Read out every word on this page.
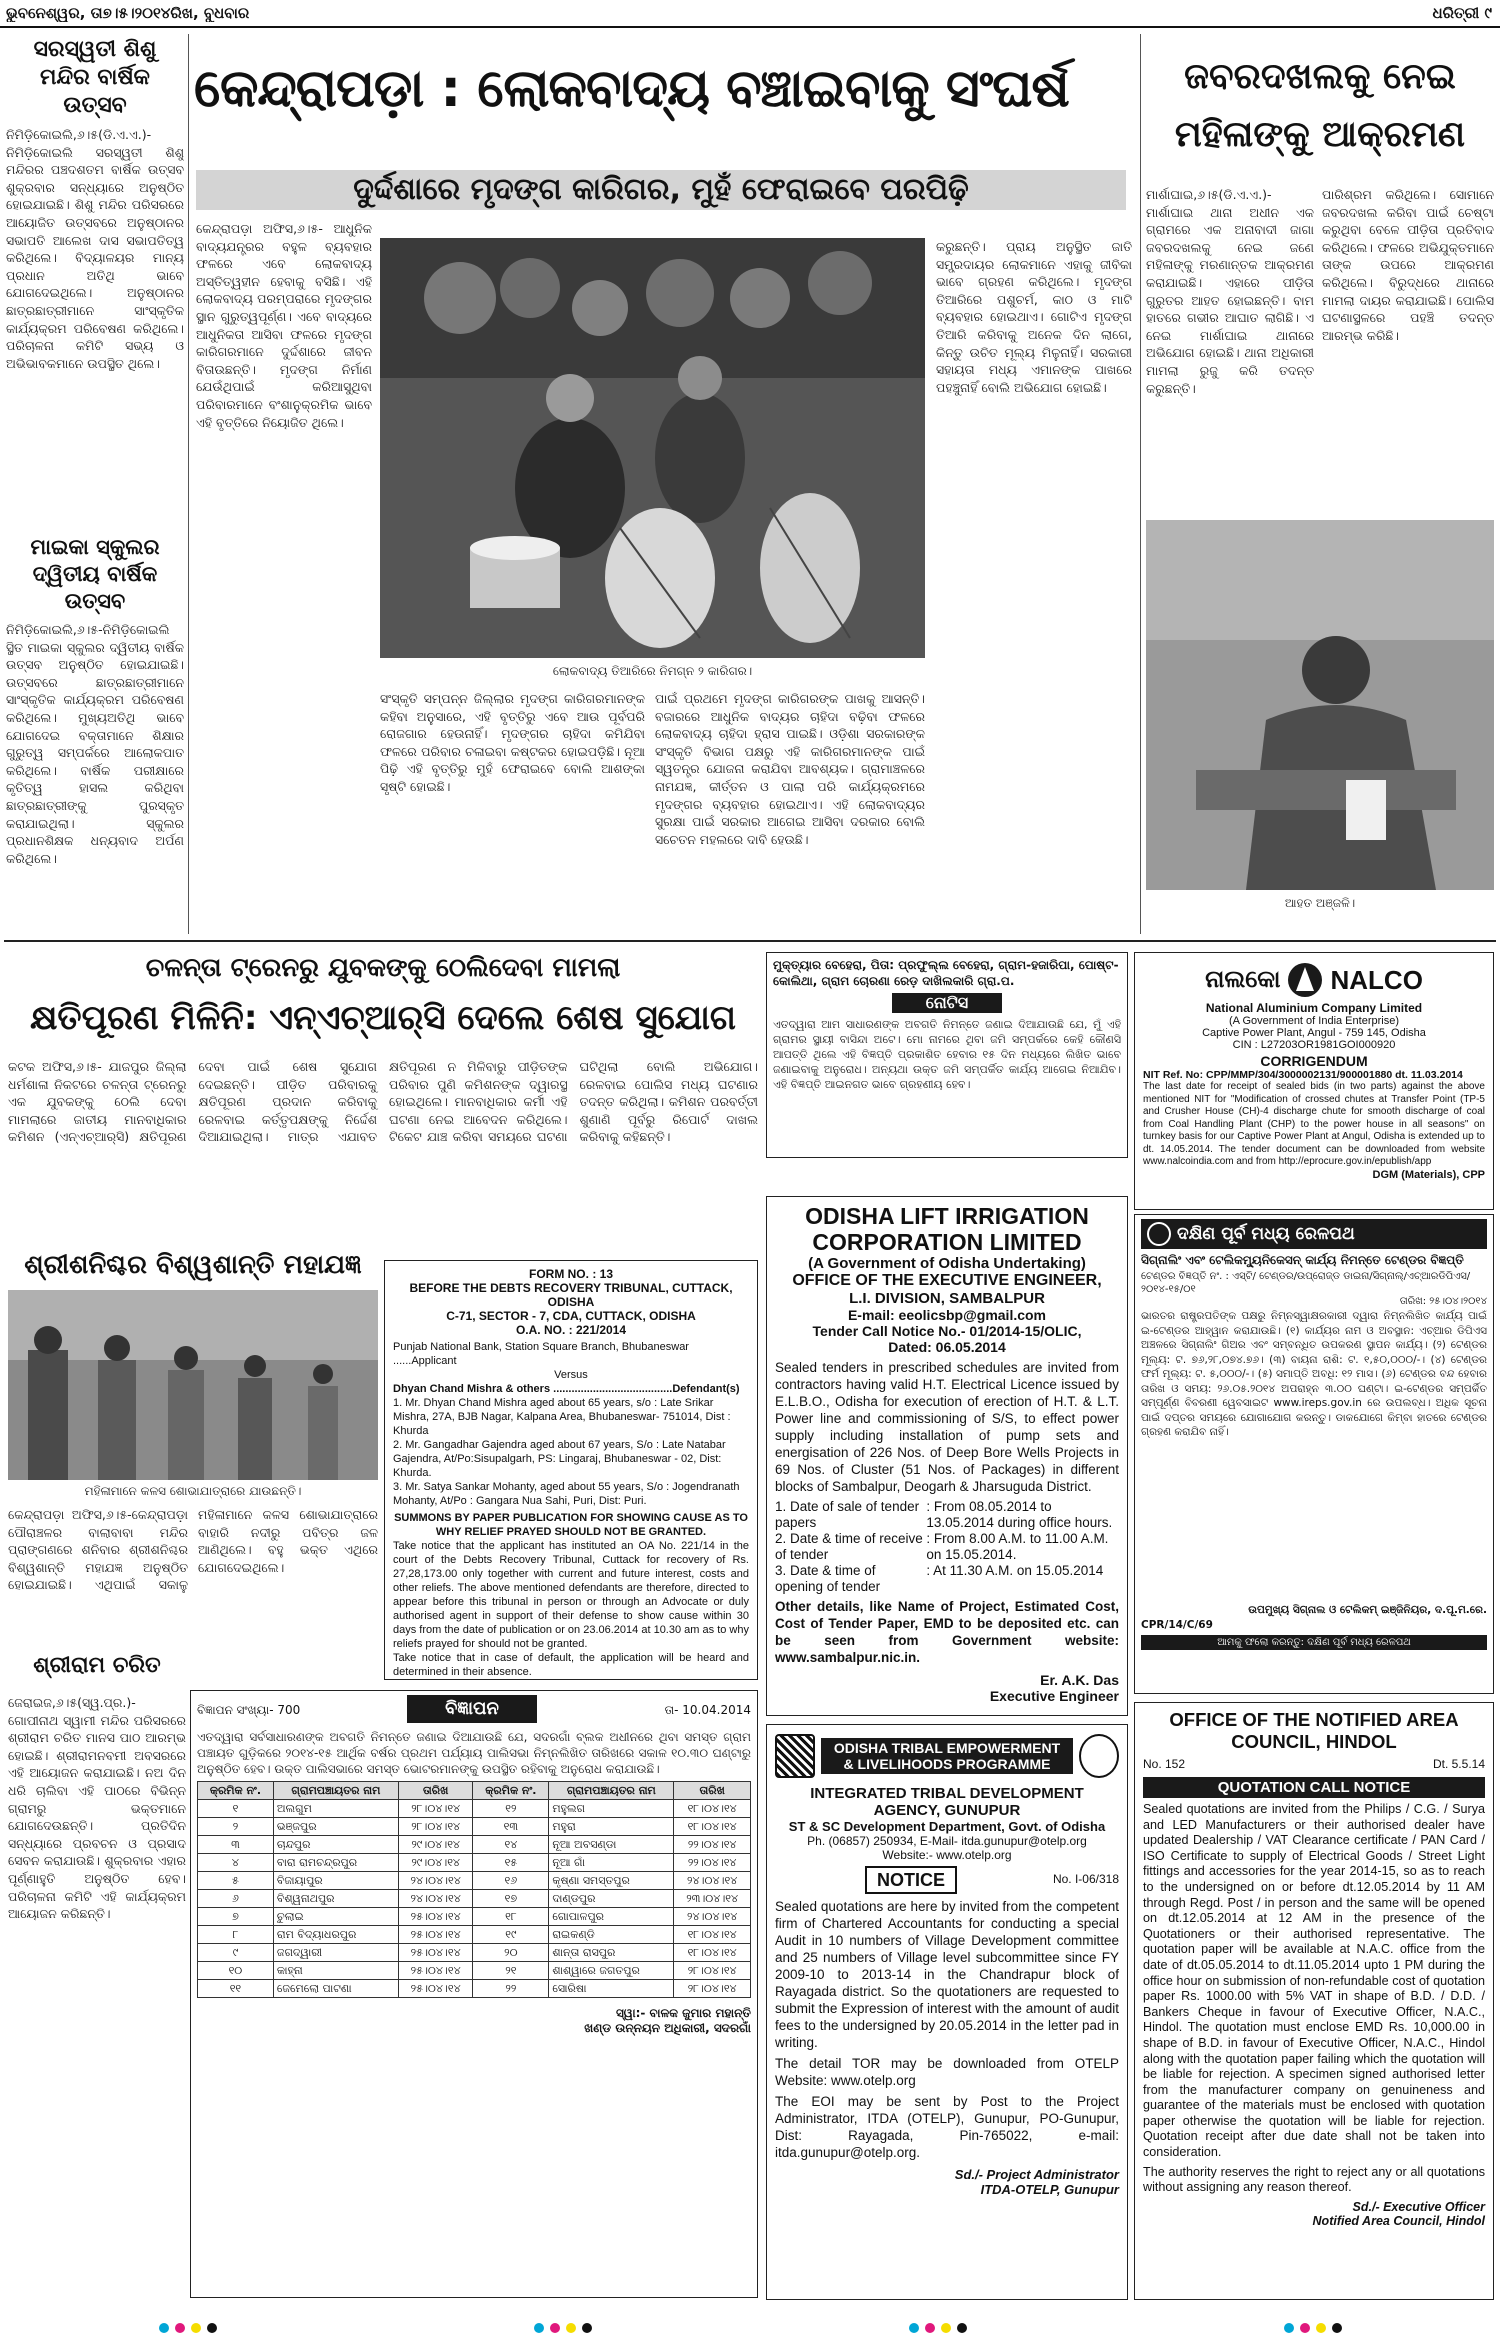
ଭୁବନେଶ୍ୱର, ତା୭।୫।୨୦୧୪ରିଖ, ବୁଧବାର	ଧରିତ୍ରୀ ୯
ସରସ୍ୱତୀ ଶିଶୁ ମନ୍ଦିର ବାର୍ଷିକ ଉତ୍ସବ
ନିମିଡ଼ିକୋଇଲି,୬।୫(ଡି.ଏ.ଏ.)- ନିମିଡ଼ିକୋଇଲି ସରସ୍ୱତୀ ଶିଶୁ ମନ୍ଦିରର ପଞ୍ଚଦଶତମ ବାର୍ଷିକ ଉତ୍ସବ ଶୁକ୍ରବାର ସନ୍ଧ୍ୟାରେ ଅନୁଷ୍ଠିତ ହୋଇଯାଇଛି। ଶିଶୁ ମନ୍ଦିର ପରିସରରେ ଆୟୋଜିତ ଉତ୍ସବରେ ଅନୁଷ୍ଠାନର ସଭାପତି ଆଲେଖ ଦାସ ସଭାପତିତ୍ୱ କରିଥିଲେ। ବିଦ୍ୟାଳୟର ମାନ୍ୟ ପ୍ରଧାନ ଅତିଥି ଭାବେ ଯୋଗଦେଇଥିଲେ। ଅନୁଷ୍ଠାନର ଛାତ୍ରଛାତ୍ରୀମାନେ ସାଂସ୍କୃତିକ କାର୍ଯ୍ୟକ୍ରମ ପରିବେଷଣ କରିଥିଲେ। ପରିଚାଳନା କମିଟି ସଭ୍ୟ ଓ ଅଭିଭାବକମାନେ ଉପସ୍ଥିତ ଥିଲେ।
ମାଇକା ସ୍କୁଲର ଦ୍ୱିତୀୟ ବାର୍ଷିକ ଉତ୍ସବ
ନିମିଡ଼ିକୋଇଲି,୬।୫-ନିମିଡ଼ିକୋଇଲି ସ୍ଥିତ ମାଇକା ସ୍କୁଲର ଦ୍ୱିତୀୟ ବାର୍ଷିକ ଉତ୍ସବ ଅନୁଷ୍ଠିତ ହୋଇଯାଇଛି। ଉତ୍ସବରେ ଛାତ୍ରଛାତ୍ରୀମାନେ ସାଂସ୍କୃତିକ କାର୍ଯ୍ୟକ୍ରମ ପରିବେଷଣ କରିଥିଲେ। ମୁଖ୍ୟଅତିଥି ଭାବେ ଯୋଗଦେଇ ବକ୍ତାମାନେ ଶିକ୍ଷାର ଗୁରୁତ୍ୱ ସମ୍ପର୍କରେ ଆଲୋକପାତ କରିଥିଲେ। ବାର୍ଷିକ ପରୀକ୍ଷାରେ କୃତିତ୍ୱ ହାସଲ କରିଥିବା ଛାତ୍ରଛାତ୍ରୀଙ୍କୁ ପୁରସ୍କୃତ କରାଯାଇଥିଲା। ସ୍କୁଲର ପ୍ରଧାନଶିକ୍ଷକ ଧନ୍ୟବାଦ ଅର୍ପଣ କରିଥିଲେ।
କେନ୍ଦ୍ରାପଡ଼ା : ଲୋକବାଦ୍ୟ ବଞ୍ଚାଇବାକୁ ସଂଘର୍ଷ
ଦୁର୍ଦ୍ଦଶାରେ ମୃଦଙ୍ଗ କାରିଗର, ମୁହଁ ଫେରାଇବେ ପରପିଢ଼ି
କେନ୍ଦ୍ରାପଡ଼ା ଅଫିସ,୬।୫- ଆଧୁନିକ ବାଦ୍ୟଯନ୍ତ୍ରର ବହୁଳ ବ୍ୟବହାର ଫଳରେ ଏବେ ଲୋକବାଦ୍ୟ ଅସ୍ତିତ୍ୱହୀନ ହେବାକୁ ବସିଛି। ଏହି ଲୋକବାଦ୍ୟ ପରମ୍ପରାରେ ମୃଦଙ୍ଗର ସ୍ଥାନ ଗୁରୁତ୍ୱପୂର୍ଣ୍ଣ। ଏବେ ବାଦ୍ୟରେ ଆଧୁନିକତା ଆସିବା ଫଳରେ ମୃଦଙ୍ଗ କାରିଗରମାନେ ଦୁର୍ଦ୍ଦଶାରେ ଜୀବନ ବିତାଉଛନ୍ତି। ମୃଦଙ୍ଗ ନିର୍ମାଣ ଯେଉଁଥିପାଇଁ କରିଆସୁଥିବା ପରିବାରମାନେ ବଂଶାନୁକ୍ରମିକ ଭାବେ ଏହି ବୃତ୍ତିରେ ନିୟୋଜିତ ଥିଲେ।
ଲୋକବାଦ୍ୟ ତିଆରିରେ ନିମଗ୍ନ ୨ କାରିଗର।
ସଂସ୍କୃତି ସମ୍ପନ୍ନ ଜିଲ୍ଲାର ମୃଦଙ୍ଗ କାରିଗରମାନଙ୍କ କହିବା ଅନୁସାରେ, ଏହି ବୃତ୍ତିରୁ ଏବେ ଆଉ ପୂର୍ବପରି ରୋଜଗାର ହେଉନାହିଁ। ମୃଦଙ୍ଗର ଚାହିଦା କମିଯିବା ଫଳରେ ପରିବାର ଚଳାଇବା କଷ୍ଟକର ହୋଇପଡ଼ିଛି। ନୂଆ ପିଢ଼ି ଏହି ବୃତ୍ତିରୁ ମୁହଁ ଫେରାଇବେ ବୋଲି ଆଶଙ୍କା ସୃଷ୍ଟି ହୋଇଛି।
ପାଇଁ ପ୍ରଥମେ ମୃଦଙ୍ଗ କାରିଗରଙ୍କ ପାଖକୁ ଆସନ୍ତି। ବଜାରରେ ଆଧୁନିକ ବାଦ୍ୟର ଚାହିଦା ବଢ଼ିବା ଫଳରେ ଲୋକବାଦ୍ୟ ଚାହିଦା ହ୍ରାସ ପାଇଛି। ଓଡ଼ିଶା ସରକାରଙ୍କ ସଂସ୍କୃତି ବିଭାଗ ପକ୍ଷରୁ ଏହି କାରିଗରମାନଙ୍କ ପାଇଁ ସ୍ୱତନ୍ତ୍ର ଯୋଜନା କରାଯିବା ଆବଶ୍ୟକ। ଗ୍ରାମାଞ୍ଚଳରେ ନାମଯଜ୍ଞ, କୀର୍ତ୍ତନ ଓ ପାଲା ପରି କାର୍ଯ୍ୟକ୍ରମରେ ମୃଦଙ୍ଗର ବ୍ୟବହାର ହୋଇଥାଏ। ଏହି ଲୋକବାଦ୍ୟର ସୁରକ୍ଷା ପାଇଁ ସରକାର ଆଗେଇ ଆସିବା ଦରକାର ବୋଲି ସଚେତନ ମହଲରେ ଦାବି ହେଉଛି।
କରୁଛନ୍ତି। ପ୍ରାୟ ଅନୁସ୍ଥିତ ଜାତି ସମ୍ପ୍ରଦାୟର ଲୋକମାନେ ଏହାକୁ ଜୀବିକା ଭାବେ ଗ୍ରହଣ କରିଥିଲେ। ମୃଦଙ୍ଗ ତିଆରିରେ ପଶୁଚର୍ମ, କାଠ ଓ ମାଟି ବ୍ୟବହାର ହୋଇଥାଏ। ଗୋଟିଏ ମୃଦଙ୍ଗ ତିଆରି କରିବାକୁ ଅନେକ ଦିନ ଲାଗେ, କିନ୍ତୁ ଉଚିତ ମୂଲ୍ୟ ମିଳୁନାହିଁ। ସରକାରୀ ସହାୟତା ମଧ୍ୟ ଏମାନଙ୍କ ପାଖରେ ପହଞ୍ଚୁନାହିଁ ବୋଲି ଅଭିଯୋଗ ହୋଇଛି।
ଜବରଦଖଲକୁ ନେଇ ମହିଳାଙ୍କୁ ଆକ୍ରମଣ
ମାର୍ଶାଘାଇ,୬।୫(ଡି.ଏ.ଏ.)- ମାର୍ଶାଘାଇ ଥାନା ଅଧୀନ ଏକ ଗ୍ରାମରେ ଏକ ଅନାବାଦୀ ଜାଗା ଜବରଦଖଲକୁ ନେଇ ଜଣେ ମହିଳାଙ୍କୁ ମରଣାନ୍ତକ ଆକ୍ରମଣ କରାଯାଇଛି। ଏହାରେ ପୀଡ଼ିତା ଗୁରୁତର ଆହତ ହୋଇଛନ୍ତି। ବାମ ହାତରେ ଗଭୀର ଆଘାତ ଲାଗିଛି। ଏ ନେଇ ମାର୍ଶାଘାଇ ଥାନାରେ ଅଭିଯୋଗ ହୋଇଛି। ଥାନା ଅଧିକାରୀ ମାମଲା ରୁଜୁ କରି ତଦନ୍ତ କରୁଛନ୍ତି।
ପାରିଶ୍ରମ କରିଥିଲେ। ସୋମାନେ ଜବରଦଖଲ କରିବା ପାଇଁ ଚେଷ୍ଟା କରୁଥିବା ବେଳେ ପୀଡ଼ିତା ପ୍ରତିବାଦ କରିଥିଲେ। ଫଳରେ ଅଭିଯୁକ୍ତମାନେ ତାଙ୍କ ଉପରେ ଆକ୍ରମଣ କରିଥିଲେ। ବିରୁଦ୍ଧରେ ଥାନାରେ ମାମଲା ଦାୟର କରାଯାଇଛି। ପୋଲିସ ଘଟଣାସ୍ଥଳରେ ପହଞ୍ଚି ତଦନ୍ତ ଆରମ୍ଭ କରିଛି।
ଆହତ ଅଞ୍ଜଳି।
ଚଳନ୍ତା ଟ୍ରେନରୁ ଯୁବକଙ୍କୁ ଠେଲିଦେବା ମାମଲା
କ୍ଷତିପୂରଣ ମିଳିନି: ଏନ୍‌ଏଚ୍‌ଆର୍‌ସି ଦେଲେ ଶେଷ ସୁଯୋଗ
କଟକ ଅଫିସ,୬।୫- ଯାଜପୁର ଜିଲ୍ଲା ଧର୍ମଶାଳା ନିକଟରେ ଚଳନ୍ତା ଟ୍ରେନରୁ ଏକ ଯୁବକଙ୍କୁ ଠେଲି ଦେବା ମାମଲାରେ ଜାତୀୟ ମାନବାଧିକାର କମିଶନ (ଏନ୍‌ଏଚ୍‌ଆର୍‌ସି) କ୍ଷତିପୂରଣ ଦେବା ପାଇଁ ଶେଷ ସୁଯୋଗ ଦେଇଛନ୍ତି। ପୀଡ଼ିତ ପରିବାରକୁ କ୍ଷତିପୂରଣ ପ୍ରଦାନ କରିବାକୁ ରେଳବାଇ କର୍ତ୍ତୃପକ୍ଷଙ୍କୁ ନିର୍ଦ୍ଦେଶ ଦିଆଯାଇଥିଲା। ମାତ୍ର ଏଯାବତ କ୍ଷତିପୂରଣ ନ ମିଳିବାରୁ ପୀଡ଼ିତଙ୍କ ପରିବାର ପୁଣି କମିଶନଙ୍କ ଦ୍ୱାରସ୍ଥ ହୋଇଥିଲେ। ମାନବାଧିକାର କର୍ମୀ ଏହି ଘଟଣା ନେଇ ଆବେଦନ କରିଥିଲେ। ଟିକେଟ ଯାଞ୍ଚ କରିବା ସମୟରେ ଘଟଣା ଘଟିଥିଲା ବୋଲି ଅଭିଯୋଗ। ରେଳବାଇ ପୋଲିସ ମଧ୍ୟ ଘଟଣାର ତଦନ୍ତ କରିଥିଲା। କମିଶନ ପରବର୍ତ୍ତୀ ଶୁଣାଣି ପୂର୍ବରୁ ରିପୋର୍ଟ ଦାଖଲ କରିବାକୁ କହିଛନ୍ତି।
ଶ୍ରୀଶନିଶ୍ଚର ବିଶ୍ୱଶାନ୍ତି ମହାଯଜ୍ଞ
ମହିଳାମାନେ କଳସ ଶୋଭାଯାତ୍ରାରେ ଯାଉଛନ୍ତି।
କେନ୍ଦ୍ରାପଡ଼ା ଅଫିସ,୬।୫-କେନ୍ଦ୍ରାପଡ଼ା ପୌରାଞ୍ଚଳର ବାଲାବାବା ମନ୍ଦିର ପ୍ରାଙ୍ଗଣରେ ଶନିବାର ଶ୍ରୀଶନିଶ୍ଚର ବିଶ୍ୱଶାନ୍ତି ମହାଯଜ୍ଞ ଅନୁଷ୍ଠିତ ହୋଇଯାଇଛି। ଏଥିପାଇଁ ସକାଳୁ ମହିଳାମାନେ କଳସ ଶୋଭାଯାତ୍ରାରେ ବାହାରି ନଦୀରୁ ପବିତ୍ର ଜଳ ଆଣିଥିଲେ। ବହୁ ଭକ୍ତ ଏଥିରେ ଯୋଗଦେଇଥିଲେ।
ଶ୍ରୀରାମ ଚରିତ
ଜେରାଇଜ,୬।୫(ସ୍ୱ.ପ୍ର.)- ଗୋପୀନାଥ ସ୍ୱାମୀ ମନ୍ଦିର ପରିସରରେ ଶ୍ରୀରାମ ଚରିତ ମାନସ ପାଠ ଆରମ୍ଭ ହୋଇଛି। ଶ୍ରୀରାମନବମୀ ଅବସରରେ ଏହି ଆୟୋଜନ କରାଯାଇଛି। ନଅ ଦିନ ଧରି ଚାଲିବା ଏହି ପାଠରେ ବିଭିନ୍ନ ଗ୍ରାମରୁ ଭକ୍ତମାନେ ଯୋଗଦେଉଛନ୍ତି। ପ୍ରତିଦିନ ସନ୍ଧ୍ୟାରେ ପ୍ରବଚନ ଓ ପ୍ରସାଦ ସେବନ କରାଯାଉଛି। ଶୁକ୍ରବାର ଏହାର ପୂର୍ଣ୍ଣାହୁତି ଅନୁଷ୍ଠିତ ହେବ। ପରିଚାଳନା କମିଟି ଏହି କାର୍ଯ୍ୟକ୍ରମ ଆୟୋଜନ କରିଛନ୍ତି।
FORM NO. : 13
BEFORE THE DEBTS RECOVERY TRIBUNAL, CUTTACK, ODISHA
C-71, SECTOR - 7, CDA, CUTTACK, ODISHA
O.A. NO. : 221/2014
Punjab National Bank, Station Square Branch, Bhubaneswar ......Applicant
Versus
Dhyan Chand Mishra & others .......................................Defendant(s)
1. Mr. Dhyan Chand Mishra aged about 65 years, s/o : Late Srikar Mishra, 27A, BJB Nagar, Kalpana Area, Bhubaneswar- 751014, Dist : Khurda
2. Mr. Gangadhar Gajendra aged about 67 years, S/o : Late Natabar Gajendra, At/Po:Sisupalgarh, PS: Lingaraj, Bhubaneswar - 02, Dist: Khurda.
3. Mr. Satya Sankar Mohanty, aged about 55 years, S/o : Jogendranath Mohanty, At/Po : Gangara Nua Sahi, Puri, Dist: Puri.
SUMMONS BY PAPER PUBLICATION FOR SHOWING CAUSE AS TO WHY RELIEF PRAYED SHOULD NOT BE GRANTED.
Take notice that the applicant has instituted an OA No. 221/14 in the court of the Debts Recovery Tribunal, Cuttack for recovery of Rs. 27,28,173.00 only together with current and future interest, costs and other reliefs. The above mentioned defendants are therefore, directed to appear before this tribunal in person or through an Advocate or duly authorised agent in support of their defense to show cause within 30 days from the date of publication or on 23.06.2014 at 10.30 am as to why reliefs prayed for should not be granted.
Take notice that in case of default, the application will be heard and determined in their absence.
ବିଜ୍ଞାପନ ସଂଖ୍ୟା- 700	ବିଜ୍ଞାପନ	ତା- 10.04.2014
ଏତଦ୍ୱାରା ସର୍ବସାଧାରଣଙ୍କ ଅବଗତି ନିମନ୍ତେ ଜଣାଇ ଦିଆଯାଉଛି ଯେ, ସଦରଗାଁ ବ୍ଲକ ଅଧୀନରେ ଥିବା ସମସ୍ତ ଗ୍ରାମ ପଞ୍ଚାୟତ ଗୁଡ଼ିକରେ ୨୦୧୪-୧୫ ଆର୍ଥିକ ବର୍ଷର ପ୍ରଥମ ପର୍ଯ୍ୟାୟ ପାଲିସଭା ନିମ୍ନଲିଖିତ ତାରିଖରେ ସକାଳ ୧୦.୩୦ ଘଣ୍ଟାରୁ ଅନୁଷ୍ଠିତ ହେବ। ଉକ୍ତ ପାଲିସଭାରେ ସମସ୍ତ ଭୋଟରମାନଙ୍କୁ ଉପସ୍ଥିତ ରହିବାକୁ ଅନୁରୋଧ କରାଯାଉଛି।
କ୍ରମିକ ନଂ.	ଗ୍ରାମପଞ୍ଚାୟତର ନାମ	ତାରିଖ	କ୍ରମିକ ନଂ.	ଗ୍ରାମପଞ୍ଚାୟତର ନାମ	ତାରିଖ
୧	ଅଲଗୁମ	୨୮।୦୪।୧୪	୧୨	ମହୁଲଗ	୧୮।୦୪।୧୪
୨	ଭଞ୍ଜପୁର	୨୮।୦୪।୧୪	୧୩	ମହୁରା	୧୮।୦୪।୧୪
୩	ଚାନ୍ଦପୁର	୨୯।୦୪।୧୪	୧୪	ନୂଆ ଅବସଣ୍ଡା	୨୨।୦୪।୧୪
୪	ବାରା ରାମଚନ୍ଦ୍ରପୁର	୨୯।୦୪।୧୪	୧୫	ନୂଆ ଗାଁ	୨୨।୦୪।୧୪
୫	ବିଜାୟାପୁର	୨୪।୦୪।୧୪	୧୬	କୃଷ୍ଣା ସମସ୍ତପୁର	୨୪।୦୪।୧୪
୬	ବିଶ୍ୱନାଥପୁର	୨୪।୦୪।୧୪	୧୭	ଦାଣ୍ଡପୁର	୨୩।୦୪।୧୪
୭	ଚୁଲାଇ	୨୫।୦୪।୧୪	୧୮	ଗୋପାଳପୁର	୨୪।୦୪।୧୪
୮	ରାମ ବିଦ୍ୟାଧରପୁର	୨୫।୦୪।୧୪	୧୯	ରାଇକଣ୍ଡି	୧୮।୦୪।୧୪
୯	ଜଗଦ୍ୱାରୀ	୨୫।୦୪।୧୪	୨୦	ଶାନ୍ତା ରାସପୁର	୧୮।୦୪।୧୪
୧୦	କାହ୍ନା	୨୫।୦୪।୧୪	୨୧	ଶାଶ୍ୱାରେ ଜଗତପୁର	୨୮।୦୪।୧୪
୧୧	ଜେମେଲୋ ପାଟଣା	୨୫।୦୪।୧୪	୨୨	ସୋରିଷା	୨୮।୦୪।୧୪
ସ୍ୱା:- ବାଳକ ଜୁମାର ମହାନ୍ତି
ଖଣ୍ଡ ଉନ୍ନୟନ ଅଧିକାରୀ, ସଦରଗାଁ
ମୁକ୍ତ୍ୟାର ବେହେରା, ପିତା: ପ୍ରଫୁଲ୍ଲ ବେହେରା, ଗ୍ରାମ-ହଜାରିପା, ପୋଷ୍ଟ-କୋଲିଥା, ଗ୍ରାମ ଚୋରଣା ରେଡ଼ ଦାଖିଲକାରି ଗ୍ରା.ପ.
ନୋଟିସ
ଏତଦ୍ୱାରା ଆମ ସାଧାରଣଙ୍କ ଅବଗତି ନିମନ୍ତେ ଜଣାଇ ଦିଆଯାଉଛି ଯେ, ମୁଁ ଏହି ଗ୍ରାମର ସ୍ଥାୟୀ ବାସିନ୍ଦା ଅଟେ। ମୋ ନାମରେ ଥିବା ଜମି ସମ୍ପର୍କରେ କେହି କୌଣସି ଆପତ୍ତି ଥିଲେ ଏହି ବିଜ୍ଞପ୍ତି ପ୍ରକାଶିତ ହେବାର ୧୫ ଦିନ ମଧ୍ୟରେ ଲିଖିତ ଭାବେ ଜଣାଇବାକୁ ଅନୁରୋଧ। ଅନ୍ୟଥା ଉକ୍ତ ଜମି ସମ୍ପର୍କିତ କାର୍ଯ୍ୟ ଆଗେଇ ନିଆଯିବ। ଏହି ବିଜ୍ଞପ୍ତି ଆଇନଗତ ଭାବେ ଗ୍ରହଣୀୟ ହେବ।
ODISHA LIFT IRRIGATION
CORPORATION LIMITED
(A Government of Odisha Undertaking)
OFFICE OF THE EXECUTIVE ENGINEER,
L.I. DIVISION, SAMBALPUR
E-mail: eeolicsbp@gmail.com
Tender Call Notice No.- 01/2014-15/OLIC,
Dated: 06.05.2014
Sealed tenders in prescribed schedules are invited from contractors having valid H.T. Electrical Licence issued by E.L.B.O., Odisha for execution of erection of H.T. & L.T. Power line and commissioning of S/S, to effect power supply including installation of pump sets and energisation of 226 Nos. of Deep Bore Wells Projects in 69 Nos. of Cluster (51 Nos. of Packages) in different blocks of Sambalpur, Deogarh & Jharsuguda District.
1. Date of sale of tender papers	: From 08.05.2014 to 13.05.2014 during office hours.
2. Date & time of receive of tender	: From 8.00 A.M. to 11.00 A.M. on 15.05.2014.
3. Date & time of opening of tender	: At 11.30 A.M. on 15.05.2014
Other details, like Name of Project, Estimated Cost, Cost of Tender Paper, EMD to be deposited etc. can be seen from Government website: www.sambalpur.nic.in.
Er. A.K. Das
Executive Engineer
ODISHA TRIBAL EMPOWERMENT
& LIVELIHOODS PROGRAMME
INTEGRATED TRIBAL DEVELOPMENT
AGENCY, GUNUPUR
ST & SC Development Department, Govt. of Odisha
Ph. (06857) 250934, E-Mail- itda.gunupur@otelp.org
Website:- www.otelp.org
NOTICE	No. I-06/318
Sealed quotations are here by invited from the competent firm of Chartered Accountants for conducting a special Audit in 10 numbers of Village Development committee and 25 numbers of Village level subcommittee since FY 2009-10 to 2013-14 in the Chandrapur block of Rayagada district. So the quotationers are requested to submit the Expression of interest with the amount of audit fees to the undersigned by 20.05.2014 in the letter pad in writing.
The detail TOR may be downloaded from OTELP Website: www.otelp.org
The EOI may be sent by Post to the Project Administrator, ITDA (OTELP), Gunupur, PO-Gunupur, Dist: Rayagada, Pin-765022, e-mail: itda.gunupur@otelp.org.
Sd./- Project Administrator
ITDA-OTELP, Gunupur
ନାଲକୋ NALCO
National Aluminium Company Limited
(A Government of India Enterprise)
Captive Power Plant, Angul - 759 145, Odisha
CIN : L27203OR1981GOI000920
CORRIGENDUM
NIT Ref. No: CPP/MMP/304/3000002131/900001880 dt. 11.03.2014
The last date for receipt of sealed bids (in two parts) against the above mentioned NIT for "Modification of crossed chutes at Transfer Point (TP-5 and Crusher House (CH)-4 discharge chute for smooth discharge of coal from Coal Handling Plant (CHP) to the power house in all seasons" on turnkey basis for our Captive Power Plant at Angul, Odisha is extended up to dt. 14.05.2014. The tender document can be downloaded from website www.nalcoindia.com and from http://eprocure.gov.in/epublish/app
DGM (Materials), CPP
ଦକ୍ଷିଣ ପୂର୍ବ ମଧ୍ୟ ରେଳପଥ
ସିଗ୍ନାଲିଂ ଏବଂ ଟେଲିକମ୍ୟୁନିକେସନ୍ କାର୍ଯ୍ୟ ନିମନ୍ତେ ଟେଣ୍ଡର ବିଜ୍ଞପ୍ତି
ଟେଣ୍ଡର ବିଜ୍ଞପ୍ତି ନଂ. : ଏସ୍ଟି/ ଟେଣ୍ଡର/ଉପ୍ରୋଜ୍ଡ ଡାଇନା/ସିଗ୍ନାଲ୍/ଏଚ୍ଆରଡିପିଏସ/୨୦୧୪-୧୫/୦୧
ତାରିଖ: ୨୫।୦୪।୨୦୧୪
ଭାରତର ରାଷ୍ଟ୍ରପତିଙ୍କ ପକ୍ଷରୁ ନିମ୍ନସ୍ୱାକ୍ଷରକାରୀ ଦ୍ୱାରା ନିମ୍ନଲିଖିତ କାର୍ଯ୍ୟ ପାଇଁ ଇ-ଟେଣ୍ଡର ଆହ୍ୱାନ କରାଯାଉଛି। (୧) କାର୍ଯ୍ୟର ନାମ ଓ ଅବସ୍ଥାନ: ଏଚ୍ଆର ଡିପିଏସ ଅଞ୍ଚଳରେ ସିଗ୍ନାଲିଂ ଗିଅର ଏବଂ ସମ୍ବନ୍ଧିତ ଉପକରଣ ସ୍ଥାପନ କାର୍ଯ୍ୟ। (୨) ଟେଣ୍ଡର ମୂଲ୍ୟ: ଟ. ୭୬,୨୮,୦୭୪.୭୬। (୩) ବାୟନା ରାଶି: ଟ. ୧,୫୦,୦୦୦/-। (୪) ଟେଣ୍ଡର ଫର୍ମ ମୂଲ୍ୟ: ଟ. ୫,୦୦୦/-। (୫) ସମାପ୍ତି ଅବଧି: ୧୨ ମାସ। (୬) ଟେଣ୍ଡର ବନ୍ଦ ହେବାର ତାରିଖ ଓ ସମୟ: ୨୬.୦୫.୨୦୧୪ ଅପରାହ୍ନ ୩.୦୦ ଘଣ୍ଟା। ଇ-ଟେଣ୍ଡର ସମ୍ପର୍କିତ ସମ୍ପୂର୍ଣ୍ଣ ବିବରଣୀ ୱେବସାଇଟ www.ireps.gov.in ରେ ଉପଲବ୍ଧ। ଅଧିକ ସୂଚନା ପାଇଁ ଦପ୍ତର ସମୟରେ ଯୋଗାଯୋଗ କରନ୍ତୁ। ଡାକଯୋଗେ କିମ୍ବା ହାତରେ ଟେଣ୍ଡର ଗ୍ରହଣ କରାଯିବ ନାହିଁ।
ଉପମୁଖ୍ୟ ସିଗ୍ନାଲ ଓ ଟେଲିକମ୍ ଇଞ୍ଜିନିୟର, ଦ.ପୂ.ମ.ରେ.
CPR/14/C/69
ଆମକୁ ଫଲୋ କରନ୍ତୁ: ଦକ୍ଷିଣ ପୂର୍ବ ମଧ୍ୟ ରେଳପଥ
OFFICE OF THE NOTIFIED AREA
COUNCIL, HINDOL
No. 152	Dt. 5.5.14
QUOTATION CALL NOTICE
Sealed quotations are invited from the Philips / C.G. / Surya and LED Manufacturers or their authorised dealer have updated Dealership / VAT Clearance certificate / PAN Card / ISO Certificate to supply of Electrical Goods / Street Light fittings and accessories for the year 2014-15, so as to reach to the undersigned on or before dt.12.05.2014 by 11 AM through Regd. Post / in person and the same will be opened on dt.12.05.2014 at 12 AM in the presence of the Quotationers or their authorised representative. The quotation paper will be available at N.A.C. office from the date of dt.05.05.2014 to dt.11.05.2014 upto 1 PM during the office hour on submission of non-refundable cost of quotation paper Rs. 1000.00 with 5% VAT in shape of B.D. / D.D. / Bankers Cheque in favour of Executive Officer, N.A.C., Hindol. The quotation must enclose EMD Rs. 10,000.00 in shape of B.D. in favour of Executive Officer, N.A.C., Hindol along with the quotation paper failing which the quotation will be liable for rejection. A specimen signed authorised letter from the manufacturer company on genuineness and guarantee of the materials must be enclosed with quotation paper otherwise the quotation will be liable for rejection. Quotation receipt after due date shall not be taken into consideration.
The authority reserves the right to reject any or all quotations without assigning any reason thereof.
Sd./- Executive Officer
Notified Area Council, Hindol
